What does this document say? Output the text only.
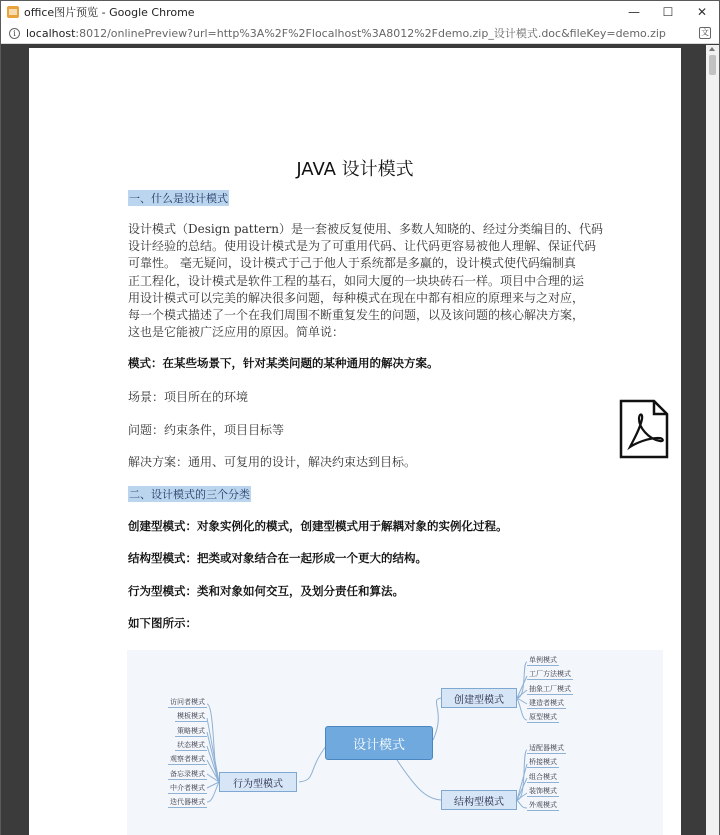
office图片预览 - Google Chrome	—	☐	✕
i localhost:8012/onlinePreview?url=http%3A%2F%2Flocalhost%3A8012%2Fdemo.zip_设计模式.doc&fileKey=demo.zip	文
JAVA 设计模式
一、什么是设计模式
设计模式（Design pattern）是一套被反复使用、多数人知晓的、经过分类编目的、代码
设计经验的总结。使用设计模式是为了可重用代码、让代码更容易被他人理解、保证代码
可靠性。 毫无疑问，设计模式于己于他人于系统都是多赢的，设计模式使代码编制真
正工程化，设计模式是软件工程的基石，如同大厦的一块块砖石一样。项目中合理的运
用设计模式可以完美的解决很多问题，每种模式在现在中都有相应的原理来与之对应，
每一个模式描述了一个在我们周围不断重复发生的问题，以及该问题的核心解决方案，
这也是它能被广泛应用的原因。简单说：
模式：在某些场景下，针对某类问题的某种通用的解决方案。
场景：项目所在的环境
问题：约束条件，项目目标等
解决方案：通用、可复用的设计，解决约束达到目标。
二、设计模式的三个分类
创建型模式：对象实例化的模式，创建型模式用于解耦对象的实例化过程。
结构型模式：把类或对象结合在一起形成一个更大的结构。
行为型模式：类和对象如何交互，及划分责任和算法。
如下图所示：
设计模式
创建型模式
结构型模式
行为型模式
单例模式
工厂方法模式
抽象工厂模式
建造者模式
原型模式
适配器模式
桥接模式
组合模式
装饰模式
外观模式
访问者模式
模板模式
策略模式
状态模式
观察者模式
备忘录模式
中介者模式
迭代器模式
